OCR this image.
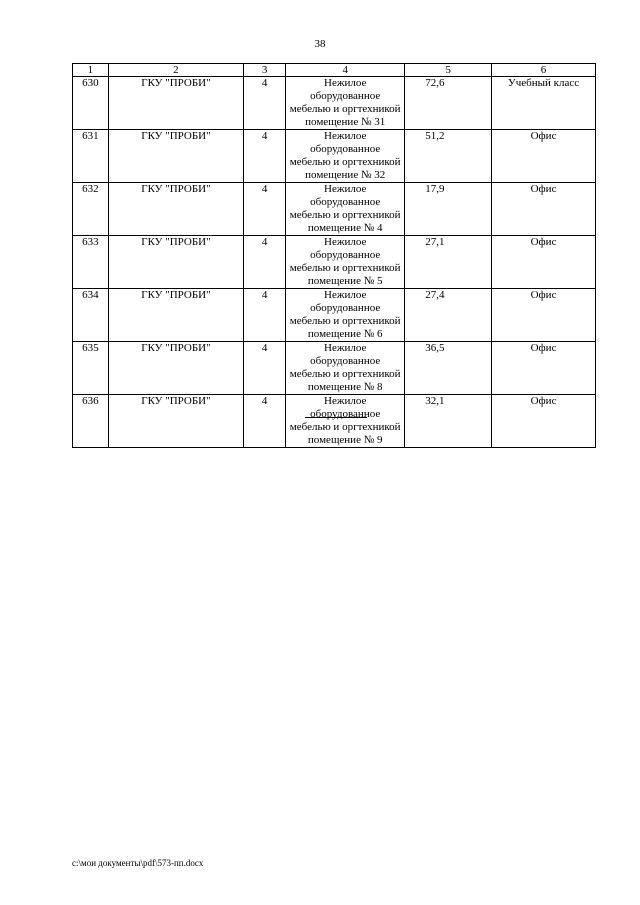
38
1	2	3	4	5	6
630	ГКУ "ПРОБИ"	4	Нежилое оборудованное мебелью и оргтехникой помещение № 31	72,6	Учебный класс
631	ГКУ "ПРОБИ"	4	Нежилое оборудованное мебелью и оргтехникой помещение № 32	51,2	Офис
632	ГКУ "ПРОБИ"	4	Нежилое оборудованное мебелью и оргтехникой помещение № 4	17,9	Офис
633	ГКУ "ПРОБИ"	4	Нежилое оборудованное мебелью и оргтехникой помещение № 5	27,1	Офис
634	ГКУ "ПРОБИ"	4	Нежилое оборудованное мебелью и оргтехникой помещение № 6	27,4	Офис
635	ГКУ "ПРОБИ"	4	Нежилое оборудованное мебелью и оргтехникой помещение № 8	36,5	Офис
636	ГКУ "ПРОБИ"	4	Нежилое оборудованное мебелью и оргтехникой помещение № 9	32,1	Офис
c:\мои документы\pdf\573-пп.docx
